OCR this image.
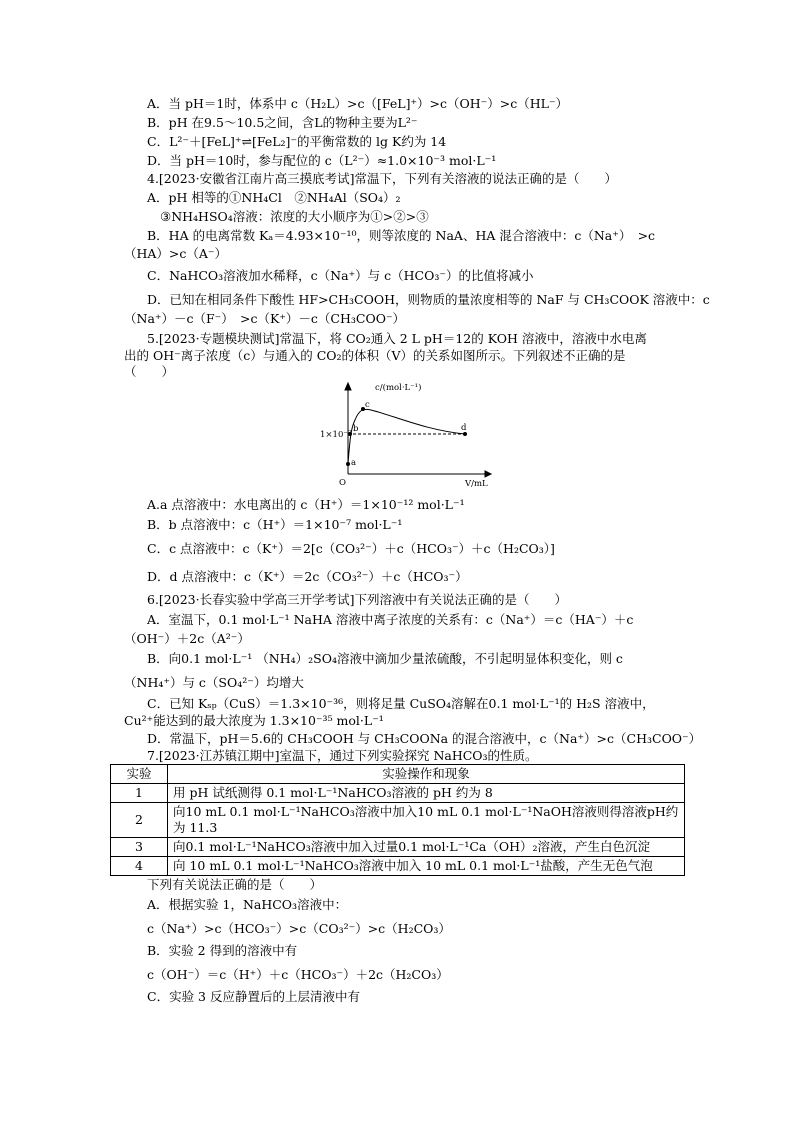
A．当 pH＝1时，体系中 c（H₂L）>c（[FeL]⁺）>c（OH⁻）>c（HL⁻）
B．pH 在9.5～10.5之间，含L的物种主要为L²⁻
C．L²⁻＋[FeL]⁺⇌[FeL₂]⁻的平衡常数的 lg K约为 14
D．当 pH＝10时，参与配位的 c（L²⁻）≈1.0×10⁻³ mol·L⁻¹
4.[2023·安徽省江南片高三摸底考试]常温下，下列有关溶液的说法正确的是（　　）
A．pH 相等的①NH₄Cl　②NH₄Al（SO₄）₂
③NH₄HSO₄溶液：浓度的大小顺序为①>②>③
B．HA 的电离常数 Kₐ＝4.93×10⁻¹⁰，则等浓度的 NaA、HA 混合溶液中：c（Na⁺）　>c
（HA）>c（A⁻）
C．NaHCO₃溶液加水稀释，c（Na⁺）与 c（HCO₃⁻）的比值将减小
D．已知在相同条件下酸性 HF>CH₃COOH，则物质的量浓度相等的 NaF 与 CH₃COOK 溶液中：c
（Na⁺）－c（F⁻）　>c（K⁺）－c（CH₃COO⁻）
5.[2023·专题模块测试]常温下，将 CO₂通入 2 L pH＝12的 KOH 溶液中，溶液中水电离
出的 OH⁻离子浓度（c）与通入的 CO₂的体积（V）的关系如图所示。下列叙述不正确的是
（　　）
c/(mol·L⁻¹)
V/mL
O
1×10⁻⁷
a
b
c
d
A.a 点溶液中：水电离出的 c（H⁺）＝1×10⁻¹² mol·L⁻¹
B．b 点溶液中：c（H⁺）＝1×10⁻⁷ mol·L⁻¹
C．c 点溶液中：c（K⁺）＝2[c（CO₃²⁻）＋c（HCO₃⁻）＋c（H₂CO₃）]
D．d 点溶液中：c（K⁺）＝2c（CO₃²⁻）＋c（HCO₃⁻）
6.[2023·长春实验中学高三开学考试]下列溶液中有关说法正确的是（　　）
A．室温下，0.1 mol·L⁻¹ NaHA 溶液中离子浓度的关系有：c（Na⁺）＝c（HA⁻）＋c
（OH⁻）＋2c（A²⁻）
B．向0.1 mol·L⁻¹ （NH₄）₂SO₄溶液中滴加少量浓硫酸，不引起明显体积变化，则 c
（NH₄⁺）与 c（SO₄²⁻）均增大
C．已知 Kₛₚ（CuS）＝1.3×10⁻³⁶，则将足量 CuSO₄溶解在0.1 mol·L⁻¹的 H₂S 溶液中，
Cu²⁺能达到的最大浓度为 1.3×10⁻³⁵ mol·L⁻¹
D．常温下，pH＝5.6的 CH₃COOH 与 CH₃COONa 的混合溶液中，c（Na⁺）>c（CH₃COO⁻）
7.[2023·江苏镇江期中]室温下，通过下列实验探究 NaHCO₃的性质。
实验	实验操作和现象
1	用 pH 试纸测得 0.1 mol·L⁻¹NaHCO₃溶液的 pH 约为 8
2	向10 mL 0.1 mol·L⁻¹NaHCO₃溶液中加入10 mL 0.1 mol·L⁻¹NaOH溶液则得溶液pH约为 11.3
3	向0.1 mol·L⁻¹NaHCO₃溶液中加入过量0.1 mol·L⁻¹Ca（OH）₂溶液，产生白色沉淀
4	向 10 mL 0.1 mol·L⁻¹NaHCO₃溶液中加入 10 mL 0.1 mol·L⁻¹盐酸，产生无色气泡
下列有关说法正确的是（　　）
A．根据实验 1，NaHCO₃溶液中：
c（Na⁺）>c（HCO₃⁻）>c（CO₃²⁻）>c（H₂CO₃）
B．实验 2 得到的溶液中有
c（OH⁻）＝c（H⁺）＋c（HCO₃⁻）＋2c（H₂CO₃）
C．实验 3 反应静置后的上层清液中有
